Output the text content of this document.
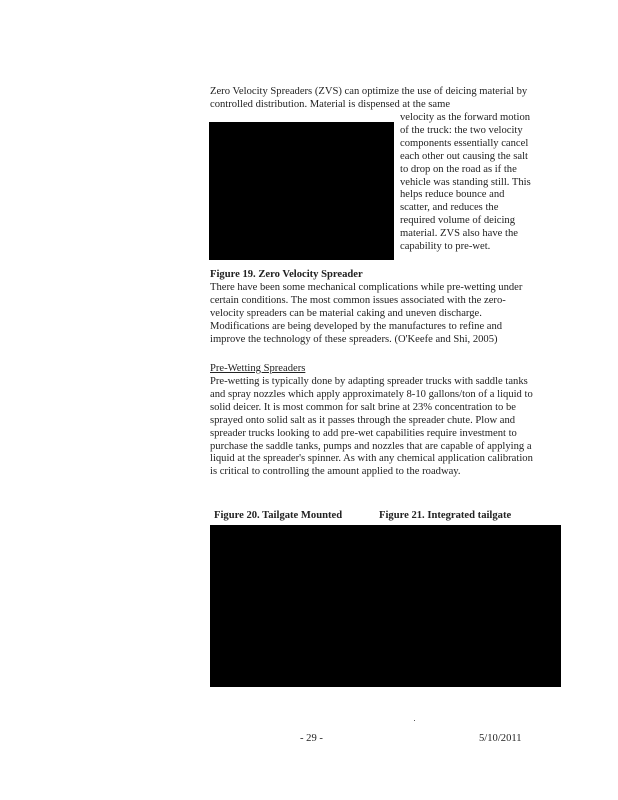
Zero Velocity Spreaders (ZVS) can optimize the use of deicing material by controlled distribution. Material is dispensed at the same

velocity as the forward motion of the truck: the two velocity components essentially cancel each other out causing the salt to drop on the road as if the vehicle was standing still. This helps reduce bounce and scatter, and reduces the required volume of deicing material. ZVS also have the capability to pre-wet.

Figure 19. Zero Velocity Spreader

There have been some mechanical complications while pre-wetting under certain conditions. The most common issues associated with the zero-velocity spreaders can be material caking and uneven discharge. Modifications are being developed by the manufactures to refine and improve the technology of these spreaders. (O'Keefe and Shi, 2005)

Pre-Wetting Spreaders

Pre-wetting is typically done by adapting spreader trucks with saddle tanks and spray nozzles which apply approximately 8-10 gallons/ton of a liquid to solid deicer. It is most common for salt brine at 23% concentration to be sprayed onto solid salt as it passes through the spreader chute. Plow and spreader trucks looking to add pre-wet capabilities require investment to purchase the saddle tanks, pumps and nozzles that are capable of applying a liquid at the spreader's spinner. As with any chemical application calibration is critical to controlling the amount applied to the roadway.

Figure 20. Tailgate Mounted	Figure 21. Integrated tailgate

- 29 -	5/10/2011
